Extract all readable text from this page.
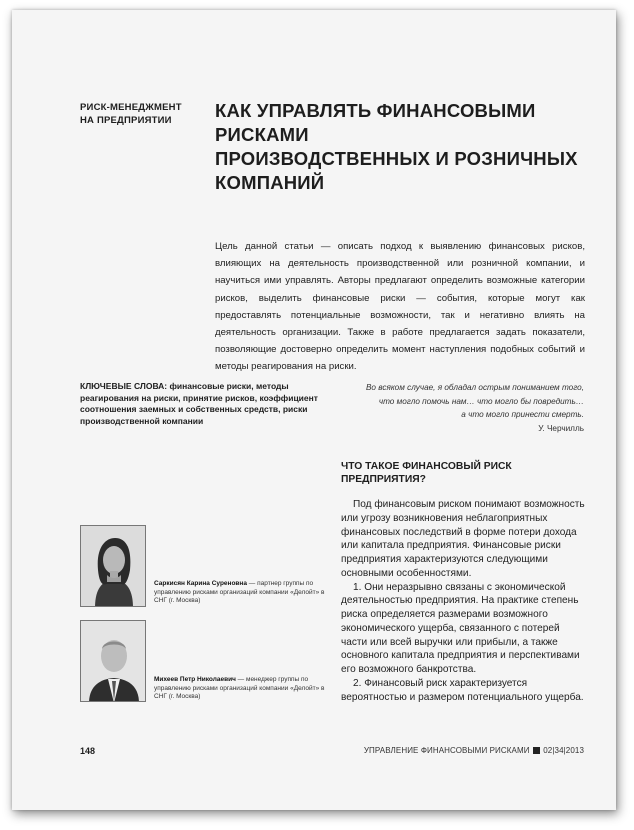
РИСК-МЕНЕДЖМЕНТ
НА ПРЕДПРИЯТИИ	КАК УПРАВЛЯТЬ ФИНАНСОВЫМИ РИСКАМИ
ПРОИЗВОДСТВЕННЫХ И РОЗНИЧНЫХ
КОМПАНИЙ
Цель данной статьи — описать подход к выявлению финансовых рисков, влияющих на деятельность производственной или розничной компании, и научиться ими управлять. Авторы предлагают определить возможные категории рисков, выделить финансовые риски — события, которые могут как предоставлять потенциальные возможности, так и негативно влиять на деятельность организации. Также в работе предлагается задать показатели, позволяющие достоверно определить момент наступления подобных событий и методы реагирования на риски.
КЛЮЧЕВЫЕ СЛОВА: финансовые риски, методы реагирования на риски, принятие рисков, коэффициент соотношения заемных и собственных средств, риски производственной компании
Во всяком случае, я обладал острым пониманием того,
что могло помочь нам… что могло бы повредить…
а что могло принести смерть.
У. Черчилль
ЧТО ТАКОЕ ФИНАНСОВЫЙ РИСК ПРЕДПРИЯТИЯ?

Под финансовым риском понимают возможность или угрозу возникновения неблагоприятных финансовых последствий в форме потери дохода или капитала предприятия. Финансовые риски предприятия характеризуются следующими основными особенностями.

1. Они неразрывно связаны с экономической деятельностью предприятия. На практике степень риска определяется размерами возможного экономического ущерба, связанного с потерей части или всей выручки или прибыли, а также основного капитала предприятия и перспективами его возможного банкротства.

2. Финансовый риск характеризуется вероятностью и размером потенциального ущерба.

Саркисян Карина Суреновна — партнер группы по управлению рисками организаций компании «Делойт» в СНГ (г. Москва)
Михеев Петр Николаевич — менеджер группы по управлению рисками организаций компании «Делойт» в СНГ (г. Москва)
148	УПРАВЛЕНИЕ ФИНАНСОВЫМИ РИСКАМИ 02|34|2013
